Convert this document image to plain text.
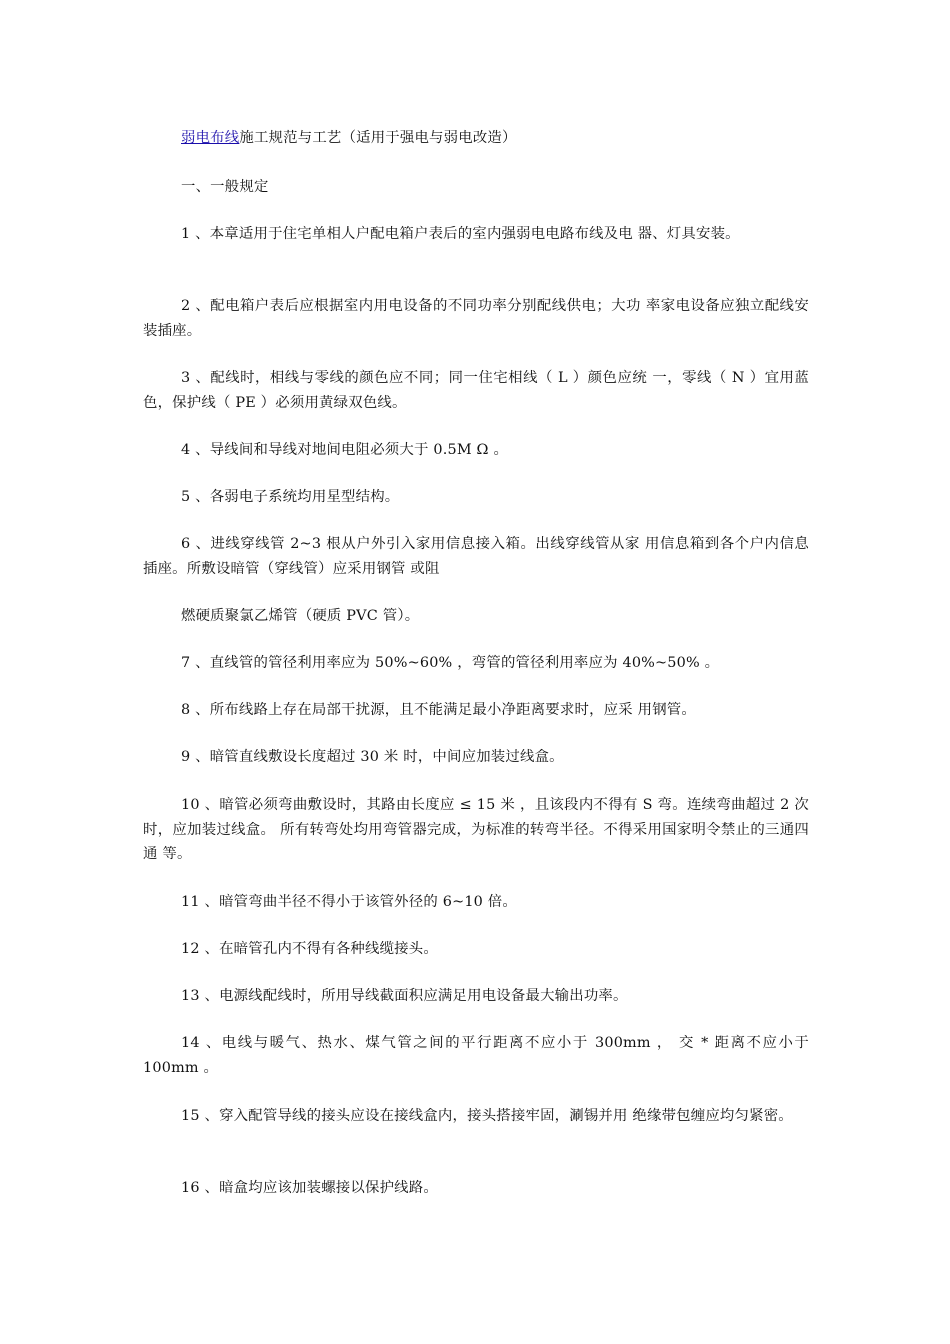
弱电布线施工规范与工艺（适用于强电与弱电改造）
一、一般规定
1 、本章适用于住宅单相人户配电箱户表后的室内强弱电电路布线及电 器、灯具安装。
2 、配电箱户表后应根据室内用电设备的不同功率分别配线供电；大功 率家电设备应独立配线安装插座。
3 、配线时，相线与零线的颜色应不同；同一住宅相线（ L ）颜色应统 一，零线（ N ）宜用蓝色，保护线（ PE ）必须用黄绿双色线。
4 、导线间和导线对地间电阻必须大于 0.5M Ω 。
5 、各弱电子系统均用星型结构。
6 、进线穿线管 2~3 根从户外引入家用信息接入箱。出线穿线管从家 用信息箱到各个户内信息插座。所敷设暗管（穿线管）应采用钢管 或阻
燃硬质聚氯乙烯管（硬质 PVC 管）。
7 、直线管的管径利用率应为 50%~60% ，弯管的管径利用率应为 40%~50% 。
8 、所布线路上存在局部干扰源，且不能满足最小净距离要求时，应采 用钢管。
9 、暗管直线敷设长度超过 30 米 时，中间应加装过线盒。
10 、暗管必须弯曲敷设时，其路由长度应 ≤ 15 米 ，且该段内不得有 S 弯。连续弯曲超过 2 次时，应加装过线盒。 所有转弯处均用弯管器完成，为标准的转弯半径。不得采用国家明令禁止的三通四通 等。
11 、暗管弯曲半径不得小于该管外径的 6~10 倍。
12 、在暗管孔内不得有各种线缆接头。
13 、电源线配线时，所用导线截面积应满足用电设备最大输出功率。
14 、电线与暖气、热水、煤气管之间的平行距离不应小于 300mm ， 交 * 距离不应小于 100mm 。
15 、穿入配管导线的接头应设在接线盒内，接头搭接牢固，涮锡并用 绝缘带包缠应均匀紧密。
16 、暗盒均应该加装螺接以保护线路。
